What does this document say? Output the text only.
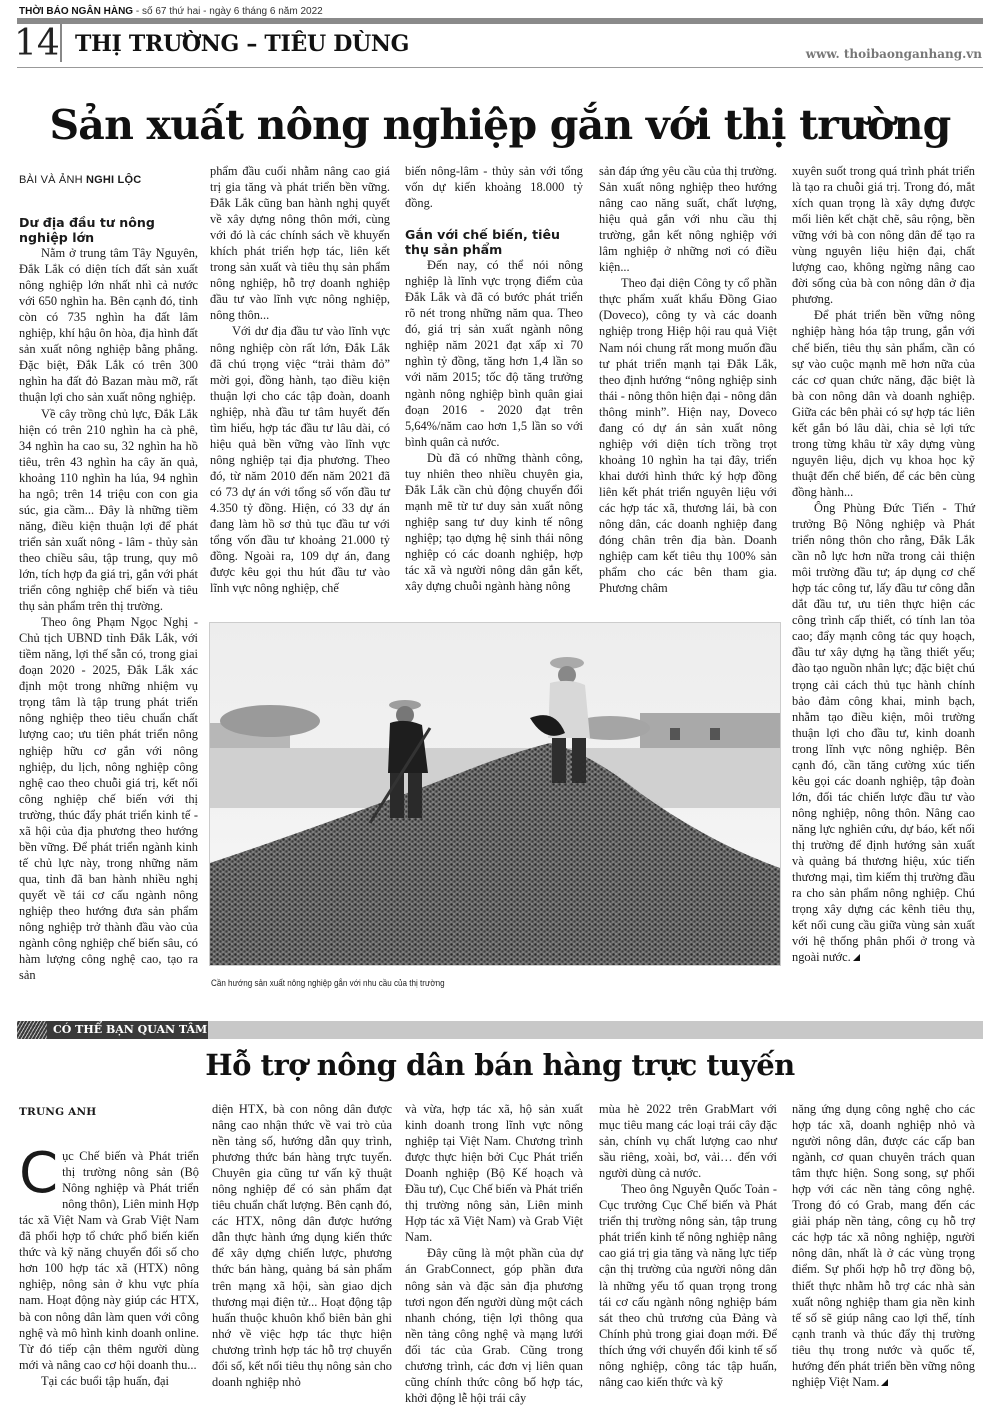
THỜI BÁO NGÂN HÀNG - số 67 thứ hai - ngày 6 tháng 6 năm 2022
14 THỊ TRƯỜNG – TIÊU DÙNG	www. thoibaonganhang.vn
Sản xuất nông nghiệp gắn với thị trường

BÀI VÀ ẢNH NGHI LỘC

Dư địa đầu tư nông nghiệp lớn

Nằm ở trung tâm Tây Nguyên, Đắk Lắk có diện tích đất sản xuất nông nghiệp lớn nhất nhì cả nước với 650 nghìn ha. Bên cạnh đó, tỉnh còn có 735 nghìn ha đất lâm nghiệp, khí hậu ôn hòa, địa hình đất sản xuất nông nghiệp bằng phẳng. Đặc biệt, Đắk Lắk có trên 300 nghìn ha đất đỏ Bazan màu mỡ, rất thuận lợi cho sản xuất nông nghiệp.

Về cây trồng chủ lực, Đắk Lắk hiện có trên 210 nghìn ha cà phê, 34 nghìn ha cao su, 32 nghìn ha hồ tiêu, trên 43 nghìn ha cây ăn quả, khoảng 110 nghìn ha lúa, 94 nghìn ha ngô; trên 14 triệu con con gia súc, gia cầm... Đây là những tiềm năng, điều kiện thuận lợi để phát triển sản xuất nông - lâm - thủy sản theo chiều sâu, tập trung, quy mô lớn, tích hợp đa giá trị, gắn với phát triển công nghiệp chế biến và tiêu thụ sản phẩm trên thị trường.

Theo ông Phạm Ngọc Nghị - Chủ tịch UBND tỉnh Đắk Lắk, với tiềm năng, lợi thế sẵn có, trong giai đoạn 2020 - 2025, Đắk Lắk xác định một trong những nhiệm vụ trọng tâm là tập trung phát triển nông nghiệp theo tiêu chuẩn chất lượng cao; ưu tiên phát triển nông nghiệp hữu cơ gắn với nông nghiệp, du lịch, nông nghiệp công nghệ cao theo chuỗi giá trị, kết nối công nghiệp chế biến với thị trường, thúc đẩy phát triển kinh tế - xã hội của địa phương theo hướng bền vững. Để phát triển ngành kinh tế chủ lực này, trong những năm qua, tỉnh đã ban hành nhiều nghị quyết về tái cơ cấu ngành nông nghiệp theo hướng đưa sản phẩm nông nghiệp trở thành đầu vào của ngành công nghiệp chế biến sâu, có hàm lượng công nghệ cao, tạo ra sản

phẩm đầu cuối nhằm nâng cao giá trị gia tăng và phát triển bền vững. Đắk Lắk cũng ban hành nghị quyết về xây dựng nông thôn mới, cùng với đó là các chính sách về khuyến khích phát triển hợp tác, liên kết trong sản xuất và tiêu thụ sản phẩm nông nghiệp, hỗ trợ doanh nghiệp đầu tư vào lĩnh vực nông nghiệp, nông thôn...

Với dư địa đầu tư vào lĩnh vực nông nghiệp còn rất lớn, Đắk Lắk đã chú trọng việc “trải thảm đỏ” mời gọi, đồng hành, tạo điều kiện thuận lợi cho các tập đoàn, doanh nghiệp, nhà đầu tư tâm huyết đến tìm hiểu, hợp tác đầu tư lâu dài, có hiệu quả bền vững vào lĩnh vực nông nghiệp tại địa phương. Theo đó, từ năm 2010 đến năm 2021 đã có 73 dự án với tổng số vốn đầu tư 4.350 tỷ đồng. Hiện, có 33 dự án đang làm hồ sơ thủ tục đầu tư với tổng vốn đầu tư khoảng 21.000 tỷ đồng. Ngoài ra, 109 dự án, đang được kêu gọi thu hút đầu tư vào lĩnh vực nông nghiệp, chế

biến nông-lâm - thủy sản với tổng vốn dự kiến khoảng 18.000 tỷ đồng.

Gắn với chế biến, tiêu thụ sản phẩm

Đến nay, có thể nói nông nghiệp là lĩnh vực trọng điểm của Đắk Lắk và đã có bước phát triển rõ nét trong những năm qua. Theo đó, giá trị sản xuất ngành nông nghiệp năm 2021 đạt xấp xỉ 70 nghìn tỷ đồng, tăng hơn 1,4 lần so với năm 2015; tốc độ tăng trưởng ngành nông nghiệp bình quân giai đoạn 2016 - 2020 đạt trên 5,64%/năm cao hơn 1,5 lần so với bình quân cả nước.

Dù đã có những thành công, tuy nhiên theo nhiều chuyên gia, Đắk Lắk cần chủ động chuyển đổi mạnh mẽ từ tư duy sản xuất nông nghiệp sang tư duy kinh tế nông nghiệp; tạo dựng hệ sinh thái nông nghiệp có các doanh nghiệp, hợp tác xã và người nông dân gắn kết, xây dựng chuỗi ngành hàng nông

sản đáp ứng yêu cầu của thị trường. Sản xuất nông nghiệp theo hướng nâng cao năng suất, chất lượng, hiệu quả gắn với nhu cầu thị trường, gắn kết nông nghiệp với lâm nghiệp ở những nơi có điều kiện...

Theo đại diện Công ty cổ phần thực phẩm xuất khẩu Đồng Giao (Doveco), công ty và các doanh nghiệp trong Hiệp hội rau quả Việt Nam nói chung rất mong muốn đầu tư phát triển mạnh tại Đắk Lắk, theo định hướng “nông nghiệp sinh thái - nông thôn hiện đại - nông dân thông minh”. Hiện nay, Doveco đang có dự án sản xuất nông nghiệp với diện tích trồng trọt khoảng 10 nghìn ha tại đây, triển khai dưới hình thức ký hợp đồng liên kết phát triển nguyên liệu với các hợp tác xã, thương lái, bà con nông dân, các doanh nghiệp đang đóng chân trên địa bàn. Doanh nghiệp cam kết tiêu thụ 100% sản phẩm cho các bên tham gia. Phương châm

xuyên suốt trong quá trình phát triển là tạo ra chuỗi giá trị. Trong đó, mắt xích quan trọng là xây dựng được mối liên kết chặt chẽ, sâu rộng, bền vững với bà con nông dân để tạo ra vùng nguyên liệu hiện đại, chất lượng cao, không ngừng nâng cao đời sống của bà con nông dân ở địa phương.

Để phát triển bền vững nông nghiệp hàng hóa tập trung, gắn với chế biến, tiêu thụ sản phẩm, cần có sự vào cuộc mạnh mẽ hơn nữa của các cơ quan chức năng, đặc biệt là bà con nông dân và doanh nghiệp. Giữa các bên phải có sự hợp tác liên kết gắn bó lâu dài, chia sẻ lợi tức trong từng khâu từ xây dựng vùng nguyên liệu, dịch vụ khoa học kỹ thuật đến chế biến, để các bên cùng đồng hành...

Ông Phùng Đức Tiến - Thứ trưởng Bộ Nông nghiệp và Phát triển nông thôn cho rằng, Đắk Lắk cần nỗ lực hơn nữa trong cải thiện môi trường đầu tư; áp dụng cơ chế hợp tác công tư, lấy đầu tư công dẫn dắt đầu tư, ưu tiên thực hiện các công trình cấp thiết, có tính lan tỏa cao; đẩy mạnh công tác quy hoạch, đầu tư xây dựng hạ tầng thiết yếu; đào tạo nguồn nhân lực; đặc biệt chú trọng cải cách thủ tục hành chính bảo đảm công khai, minh bạch, nhằm tạo điều kiện, môi trường thuận lợi cho đầu tư, kinh doanh trong lĩnh vực nông nghiệp. Bên cạnh đó, cần tăng cường xúc tiến kêu gọi các doanh nghiệp, tập đoàn lớn, đối tác chiến lược đầu tư vào nông nghiệp, nông thôn. Nâng cao năng lực nghiên cứu, dự báo, kết nối thị trường để định hướng sản xuất và quảng bá thương hiệu, xúc tiến thương mại, tìm kiếm thị trường đầu ra cho sản phẩm nông nghiệp. Chú trọng xây dựng các kênh tiêu thụ, kết nối cung cầu giữa vùng sản xuất với hệ thống phân phối ở trong và ngoài nước.

Cần hướng sản xuất nông nghiệp gắn với nhu cầu của thị trường
CÓ THỂ BẠN QUAN TÂM
Hỗ trợ nông dân bán hàng trực tuyến

TRUNG ANH

Cục Chế biến và Phát triển thị trường nông sản (Bộ Nông nghiệp và Phát triển nông thôn), Liên minh Hợp tác xã Việt Nam và Grab Việt Nam đã phối hợp tổ chức phổ biến kiến thức và kỹ năng chuyển đổi số cho hơn 100 hợp tác xã (HTX) nông nghiệp, nông sản ở khu vực phía nam. Hoạt động này giúp các HTX, bà con nông dân làm quen với công nghệ và mô hình kinh doanh online. Từ đó tiếp cận thêm người dùng mới và nâng cao cơ hội doanh thu...

Tại các buổi tập huấn, đại

diện HTX, bà con nông dân được nâng cao nhận thức về vai trò của nền tảng số, hướng dẫn quy trình, phương thức bán hàng trực tuyến. Chuyên gia cũng tư vấn kỹ thuật nông nghiệp để có sản phẩm đạt tiêu chuẩn chất lượng. Bên cạnh đó, các HTX, nông dân được hướng dẫn thực hành ứng dụng kiến thức để xây dựng chiến lược, phương thức bán hàng, quảng bá sản phẩm trên mạng xã hội, sàn giao dịch thương mại điện tử... Hoạt động tập huấn thuộc khuôn khổ biên bản ghi nhớ về việc hợp tác thực hiện chương trình hợp tác hỗ trợ chuyển đổi số, kết nối tiêu thụ nông sản cho doanh nghiệp nhỏ

và vừa, hợp tác xã, hộ sản xuất kinh doanh trong lĩnh vực nông nghiệp tại Việt Nam. Chương trình được thực hiện bởi Cục Phát triển Doanh nghiệp (Bộ Kế hoạch và Đầu tư), Cục Chế biến và Phát triển thị trường nông sản, Liên minh Hợp tác xã Việt Nam) và Grab Việt Nam.

Đây cũng là một phần của dự án GrabConnect, góp phần đưa nông sản và đặc sản địa phương tươi ngon đến người dùng một cách nhanh chóng, tiện lợi thông qua nền tảng công nghệ và mạng lưới đối tác của Grab. Cũng trong chương trình, các đơn vị liên quan cũng chính thức công bố hợp tác, khởi động lễ hội trái cây

mùa hè 2022 trên GrabMart với mục tiêu mang các loại trái cây đặc sản, chính vụ chất lượng cao như sầu riêng, xoài, bơ, vải… đến với người dùng cả nước.

Theo ông Nguyễn Quốc Toản - Cục trưởng Cục Chế biến và Phát triển thị trường nông sản, tập trung phát triển kinh tế nông nghiệp nâng cao giá trị gia tăng và năng lực tiếp cận thị trường của người nông dân là những yếu tố quan trọng trong tái cơ cấu ngành nông nghiệp bám sát theo chủ trương của Đảng và Chính phủ trong giai đoạn mới. Để thích ứng với chuyển đổi kinh tế số nông nghiệp, công tác tập huấn, nâng cao kiến thức và kỹ

năng ứng dụng công nghệ cho các hợp tác xã, doanh nghiệp nhỏ và người nông dân, được các cấp ban ngành, cơ quan chuyên trách quan tâm thực hiện. Song song, sự phối hợp với các nền tảng công nghệ. Trong đó có Grab, mang đến các giải pháp nền tảng, công cụ hỗ trợ các hợp tác xã nông nghiệp, người nông dân, nhất là ở các vùng trọng điểm. Sự phối hợp hỗ trợ đồng bộ, thiết thực nhằm hỗ trợ các nhà sản xuất nông nghiệp tham gia nền kinh tế số sẽ giúp nâng cao lợi thế, tính cạnh tranh và thúc đẩy thị trường tiêu thụ trong nước và quốc tế, hướng đến phát triển bền vững nông nghiệp Việt Nam.
